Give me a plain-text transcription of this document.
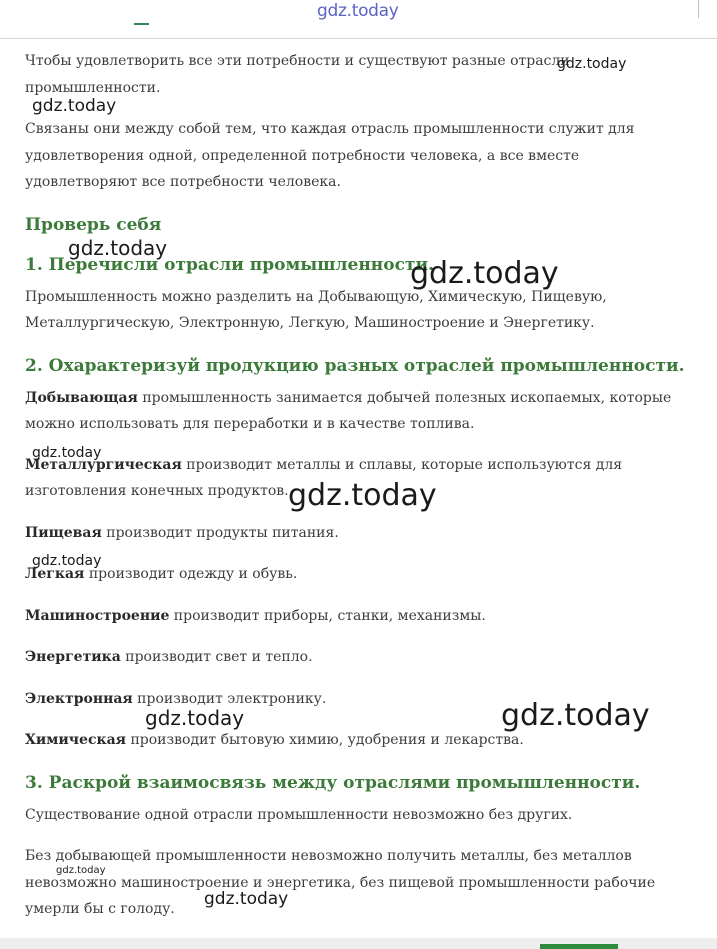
gdz.today

Чтобы удовлетворить все эти потребности и существуют разные отрасли промышленности.

Связаны они между собой тем, что каждая отрасль промышленности служит для удовлетворения одной, определенной потребности человека, а все вместе удовлетворяют все потребности человека.

Проверь себя
1. Перечисли отрасли промышленности.

Промышленность можно разделить на Добывающую, Химическую, Пищевую, Металлургическую, Электронную, Легкую, Машиностроение и Энергетику.

2. Охарактеризуй продукцию разных отраслей промышленности.

Добывающая промышленность занимается добычей полезных ископаемых, которые можно использовать для переработки и в качестве топлива.

Металлургическая производит металлы и сплавы, которые используются для изготовления конечных продуктов.

Пищевая производит продукты питания.

Легкая производит одежду и обувь.

Машиностроение производит приборы, станки, механизмы.

Энергетика производит свет и тепло.

Электронная производит электронику.

Химическая производит бытовую химию, удобрения и лекарства.

3. Раскрой взаимосвязь между отраслями промышленности.

Существование одной отрасли промышленности невозможно без других.

Без добывающей промышленности невозможно получить металлы, без металлов невозможно машиностроение и энергетика, без пищевой промышленности рабочие умерли бы с голоду.

gdz.today
gdz.today
gdz.today
gdz.today
gdz.today
gdz.today
gdz.today
gdz.today	gdz.today
gdz.today
gdz.today
